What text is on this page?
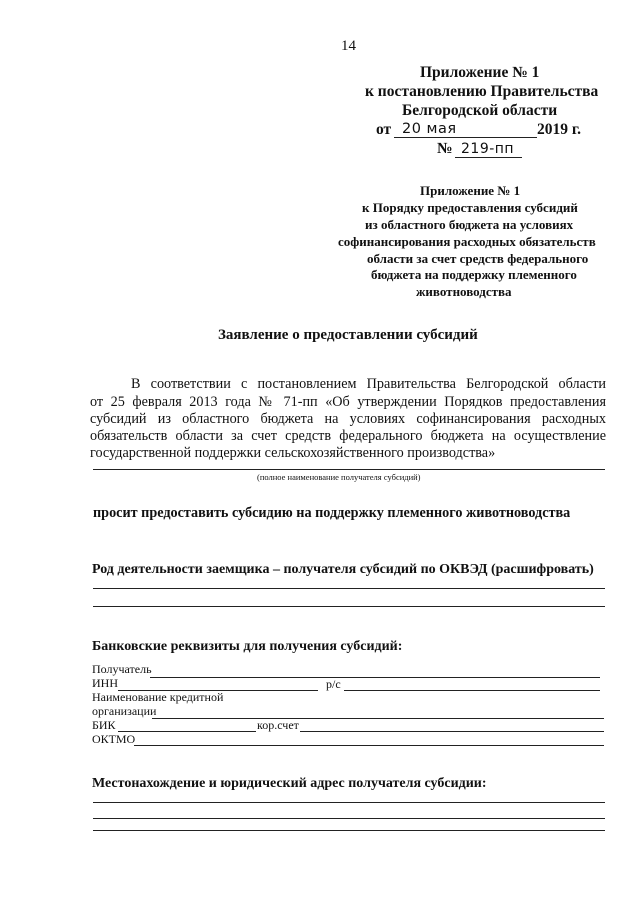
14
Приложение № 1
к постановлению Правительства
Белгородской области
от 20 мая	2019 г.
№ 219-пп
Приложение № 1
к Порядку предоставления субсидий
из областного бюджета на условиях
софинансирования расходных обязательств
области за счет средств федерального
бюджета на поддержку племенного
животноводства
Заявление о предоставлении субсидий
В соответствии с постановлением Правительства Белгородской области
от 25 февраля 2013 года № 71-пп «Об утверждении Порядков предоставления
субсидий из областного бюджета на условиях софинансирования расходных
обязательств области за счет средств федерального бюджета на осуществление
государственной поддержки сельскохозяйственного производства»
(полное наименование получателя субсидий)
просит предоставить субсидию на поддержку племенного животноводства
Род деятельности заемщика – получателя субсидий по ОКВЭД (расшифровать)
Банковские реквизиты для получения субсидий:
Получатель
ИНН	р/с
Наименование кредитной
организации
БИК	кор.счет
ОКТМО
Местонахождение и юридический адрес получателя субсидии:
